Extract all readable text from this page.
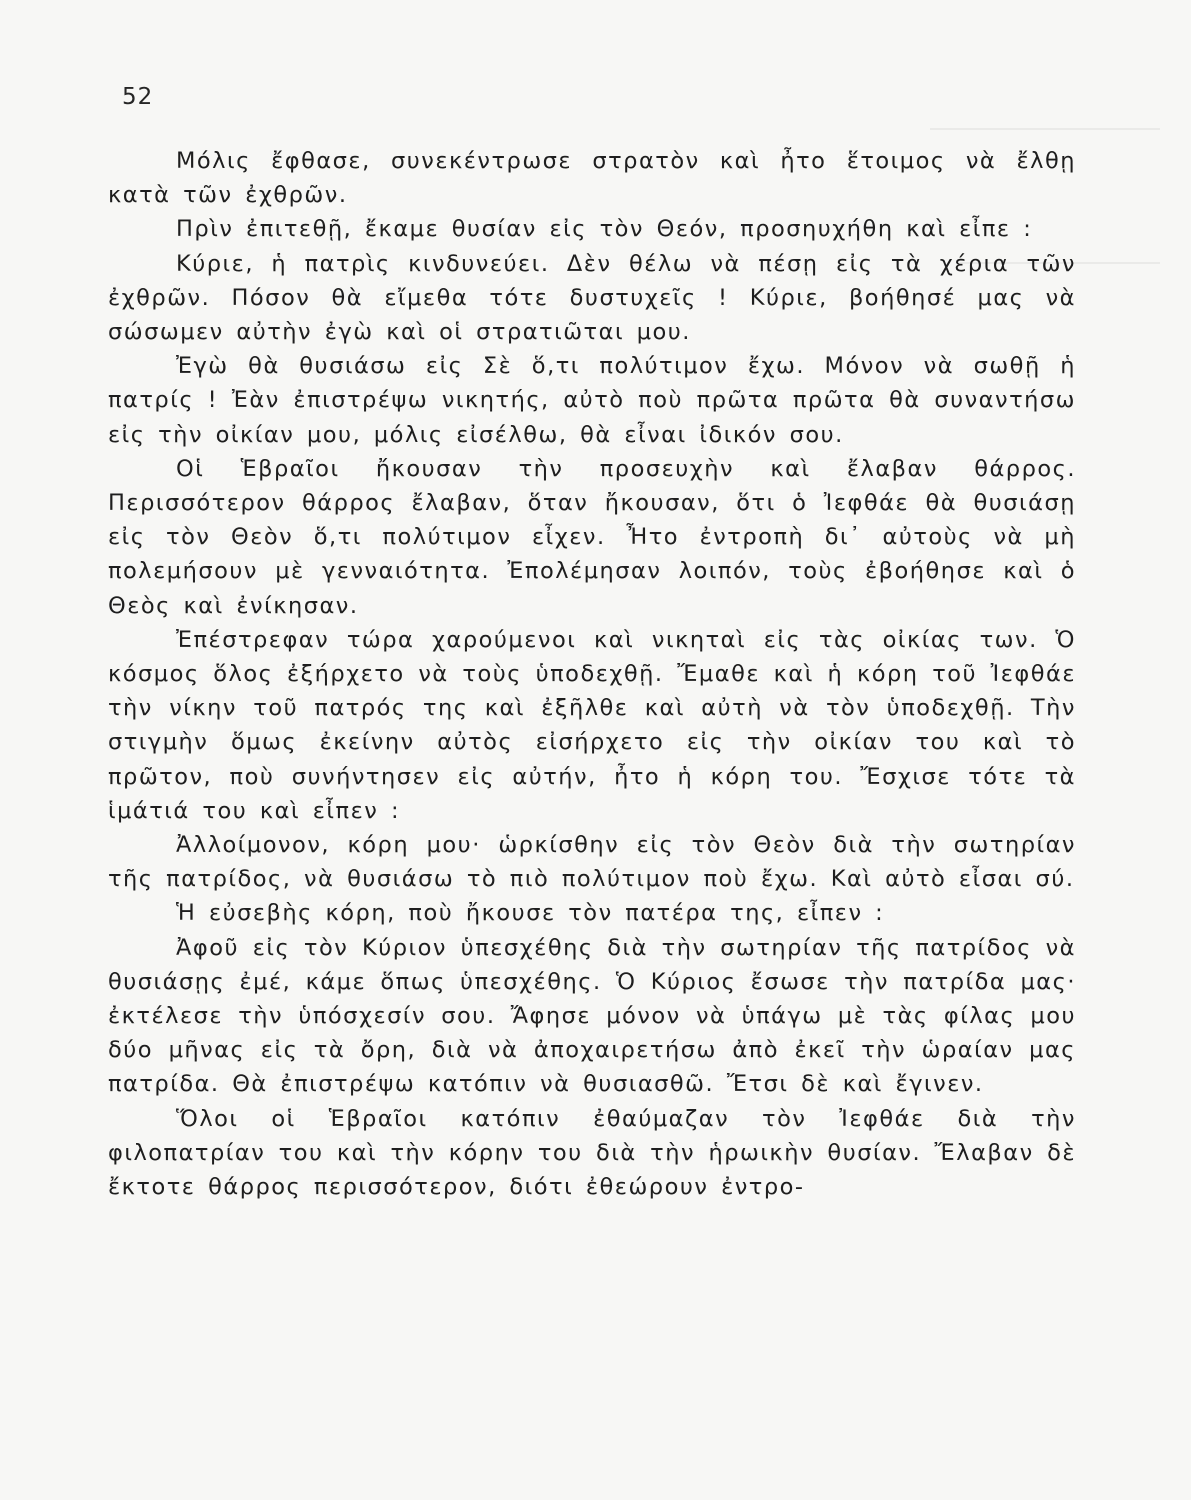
52

Μόλις ἔφθασε, συνεκέντρωσε στρατὸν καὶ ἦτο ἕτοιμος νὰ ἔλθῃ κατὰ τῶν ἐχθρῶν.

Πρὶν ἐπιτεθῇ, ἔκαμε θυσίαν εἰς τὸν Θεόν, προσηυχήθη καὶ εἶπε :

Κύριε, ἡ πατρὶς κινδυνεύει. Δὲν θέλω νὰ πέσῃ εἰς τὰ χέρια τῶν ἐχθρῶν. Πόσον θὰ εἴμεθα τότε δυστυχεῖς ! Κύριε, βοήθησέ μας νὰ σώσωμεν αὐτὴν ἐγὼ καὶ οἱ στρατιῶται μου.

Ἐγὼ θὰ θυσιάσω εἰς Σὲ ὅ,τι πολύτιμον ἔχω. Μόνον νὰ σωθῇ ἡ πατρίς ! Ἐὰν ἐπιστρέψω νικητής, αὐτὸ ποὺ πρῶτα πρῶτα θὰ συναντήσω εἰς τὴν οἰκίαν μου, μόλις εἰσέλθω, θὰ εἶναι ἰδικόν σου.

Οἱ Ἑβραῖοι ἤκουσαν τὴν προσευχὴν καὶ ἔλαβαν θάρρος. Περισσότερον θάρρος ἔλαβαν, ὅταν ἤκουσαν, ὅτι ὁ Ἰεφθάε θὰ θυσιάσῃ εἰς τὸν Θεὸν ὅ,τι πολύτιμον εἶχεν. Ἦτο ἐντροπὴ δι᾽ αὐτοὺς νὰ μὴ πολεμήσουν μὲ γενναιότητα. Ἐπολέμησαν λοιπόν, τοὺς ἐβοήθησε καὶ ὁ Θεὸς καὶ ἐνίκησαν.

Ἐπέστρεφαν τώρα χαρούμενοι καὶ νικηταὶ εἰς τὰς οἰκίας των. Ὁ κόσμος ὅλος ἐξήρχετο νὰ τοὺς ὑποδεχθῇ. Ἔμαθε καὶ ἡ κόρη τοῦ Ἰεφθάε τὴν νίκην τοῦ πατρός της καὶ ἐξῆλθε καὶ αὐτὴ νὰ τὸν ὑποδεχθῇ. Τὴν στιγμὴν ὅμως ἐκείνην αὐτὸς εἰσήρχετο εἰς τὴν οἰκίαν του καὶ τὸ πρῶτον, ποὺ συνήντησεν εἰς αὐτήν, ἦτο ἡ κόρη του. Ἔσχισε τότε τὰ ἱμάτιά του καὶ εἶπεν :

Ἀλλοίμονον, κόρη μου· ὡρκίσθην εἰς τὸν Θεὸν διὰ τὴν σωτηρίαν τῆς πατρίδος, νὰ θυσιάσω τὸ πιὸ πολύτιμον ποὺ ἔχω. Καὶ αὐτὸ εἶσαι σύ.

Ἡ εὐσεβὴς κόρη, ποὺ ἤκουσε τὸν πατέρα της, εἶπεν :

Ἀφοῦ εἰς τὸν Κύριον ὑπεσχέθης διὰ τὴν σωτηρίαν τῆς πατρίδος νὰ θυσιάσῃς ἐμέ, κάμε ὅπως ὑπεσχέθης. Ὁ Κύριος ἔσωσε τὴν πατρίδα μας· ἐκτέλεσε τὴν ὑπόσχεσίν σου. Ἄφησε μόνον νὰ ὑπάγω μὲ τὰς φίλας μου δύο μῆνας εἰς τὰ ὄρη, διὰ νὰ ἀποχαιρετήσω ἀπὸ ἐκεῖ τὴν ὡραίαν μας πατρίδα. Θὰ ἐπιστρέψω κατόπιν νὰ θυσιασθῶ. Ἔτσι δὲ καὶ ἔγινεν.

Ὅλοι οἱ Ἑβραῖοι κατόπιν ἐθαύμαζαν τὸν Ἰεφθάε διὰ τὴν φιλοπατρίαν του καὶ τὴν κόρην του διὰ τὴν ἡρωικὴν θυσίαν. Ἔλαβαν δὲ ἔκτοτε θάρρος περισσότερον, διότι ἐθεώρουν ἐντρο-
